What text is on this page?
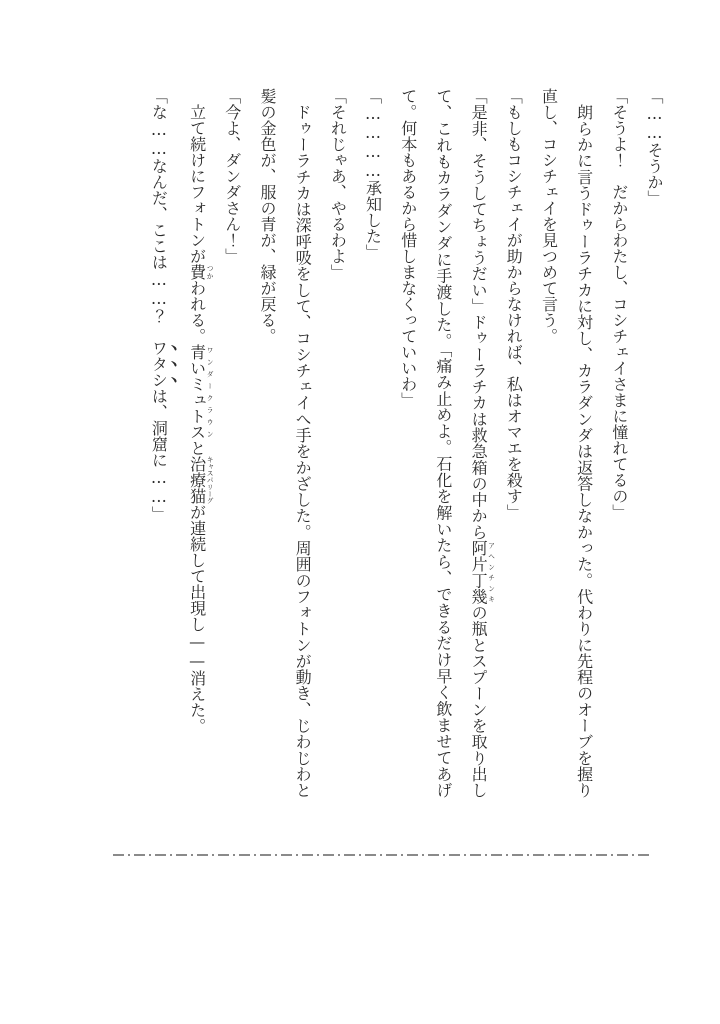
「……そうか」

「そうよ！　だからわたし、コシチェイさまに憧れてるの」

　朗らかに言うドゥーラチカに対し、カラダンダは返答しなかった。代わりに先程のオーブを握り直し、コシチェイを見つめて言う。

「もしもコシチェイが助からなければ、私はオマエを殺す」

「是非、そうしてちょうだい」ドゥーラチカは救急箱の中から阿片丁幾アヘンチンキの瓶とスプーンを取り出して、これもカラダンダに手渡した。「痛み止めよ。石化を解いたら、できるだけ早く飲ませてあげて。何本もあるから惜しまなくっていいわ」

「…………承知した」

「それじゃあ、やるわよ」

　ドゥーラチカは深呼吸をして、コシチェイへ手をかざした。周囲のフォトンが動き、じわじわと髪の金色が、服の青が、緑が戻る。

「今よ、ダンダさん！」

　立て続けにフォトンが費つかわれる。青いミュトスワンダークラウンと治療猫キャスパリーグが連続して出現し——消えた。

「な……なんだ、ここは……？　ワタシは、洞窟に……」
